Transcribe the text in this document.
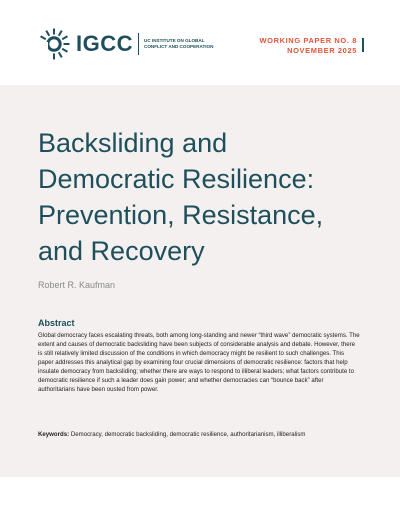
IGCC UC INSTITUTE ON GLOBAL CONFLICT AND COOPERATION
WORKING PAPER NO. 8
NOVEMBER 2025
Backsliding and
Democratic Resilience:
Prevention, Resistance,
and Recovery
Robert R. Kaufman
Abstract

Global democracy faces escalating threats, both among long-standing and newer “third wave” democratic systems. The extent and causes of democratic backsliding have been subjects of considerable analysis and debate. However, there is still relatively limited discussion of the conditions in which democracy might be resilient to such challenges. This paper addresses this analytical gap by examining four crucial dimensions of democratic resilience: factors that help insulate democracy from backsliding; whether there are ways to respond to illiberal leaders; what factors contribute to democratic resilience if such a leader does gain power; and whether democracies can “bounce back” after authoritarians have been ousted from power.

Keywords: Democracy, democratic backsliding, democratic resilience, authoritarianism, illiberalism
